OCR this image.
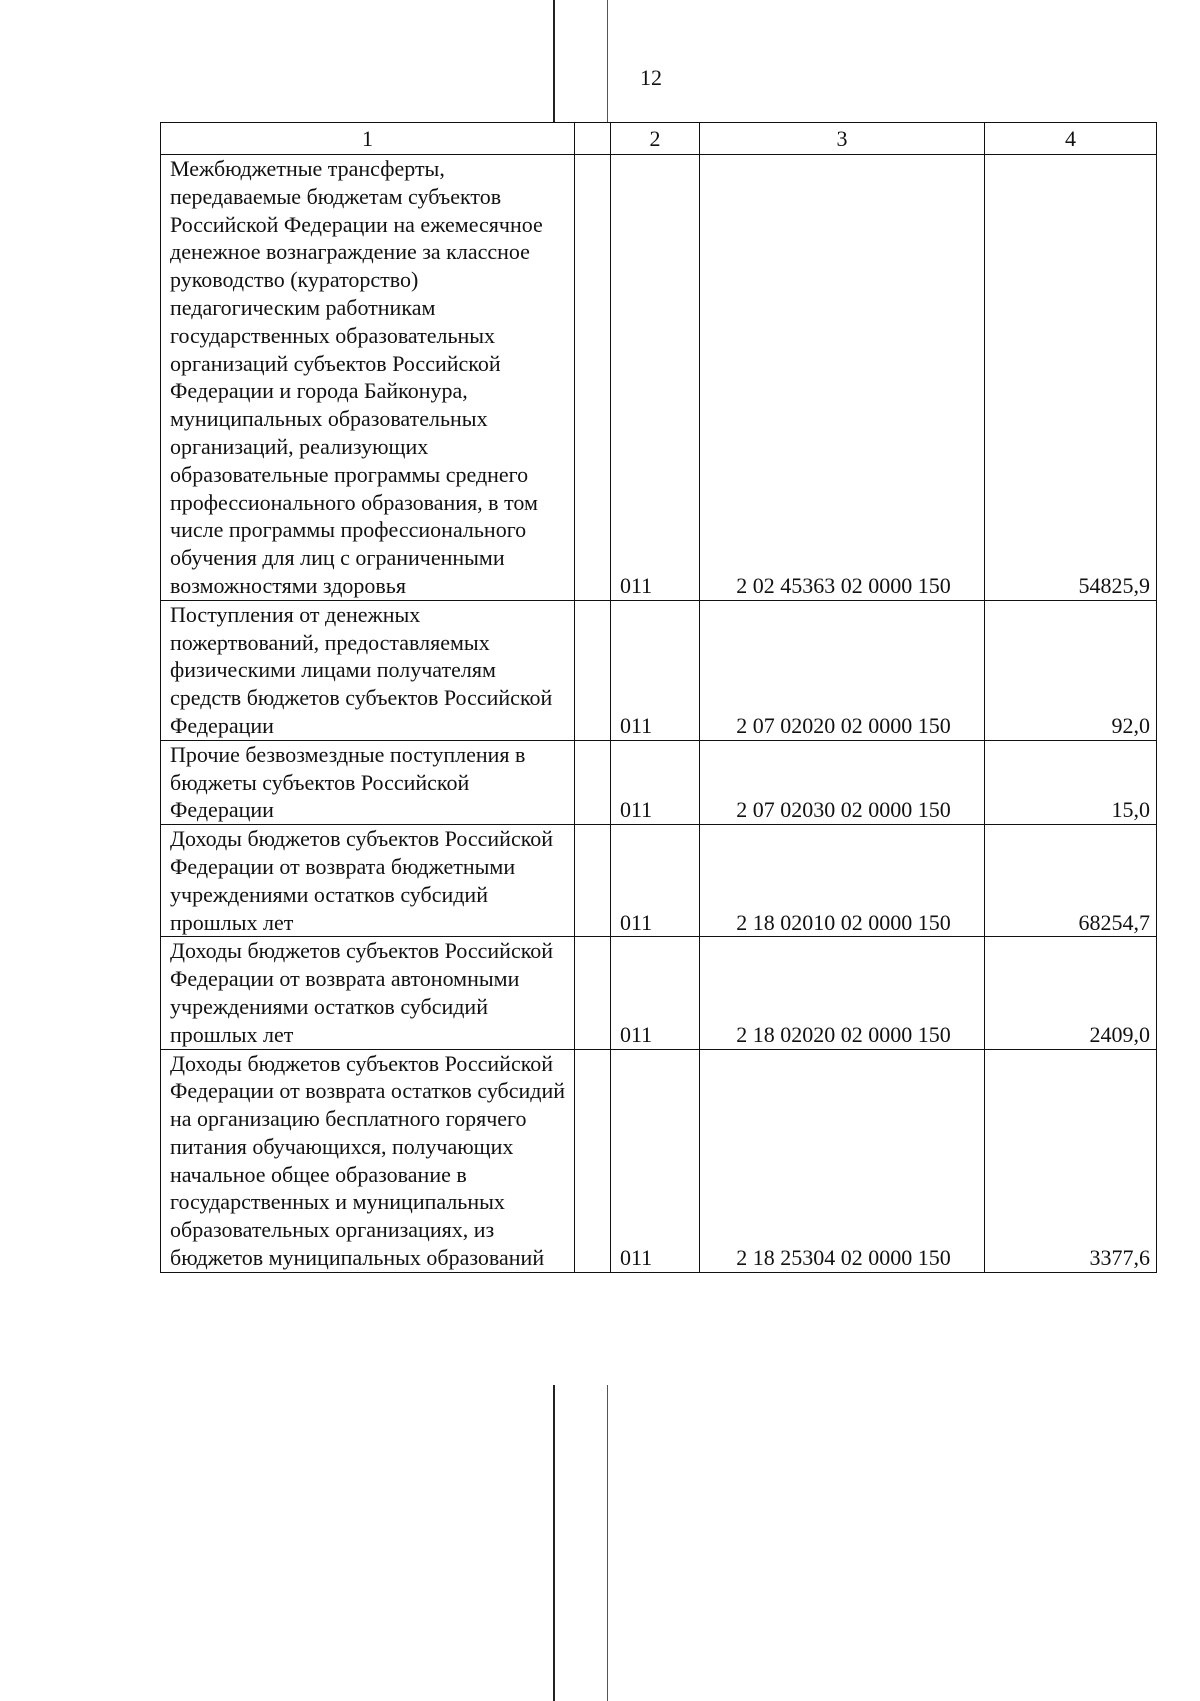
12
1		2	3	4
Межбюджетные трансферты, передаваемые бюджетам субъектов Российской Федерации на ежемесячное денежное вознаграждение за классное руководство (кураторство) педагогическим работникам государственных образовательных организаций субъектов Российской Федерации и города Байконура, муниципальных образовательных организаций, реализующих образовательные программы среднего профессионального образования, в том числе программы профессионального обучения для лиц с ограниченными возможностями здоровья		011	2 02 45363 02 0000 150	54825,9
Поступления от денежных пожертвований, предоставляемых физическими лицами получателям средств бюджетов субъектов Российской Федерации		011	2 07 02020 02 0000 150	92,0
Прочие безвозмездные поступления в бюджеты субъектов Российской Федерации		011	2 07 02030 02 0000 150	15,0
Доходы бюджетов субъектов Российской Федерации от возврата бюджетными учреждениями остатков субсидий прошлых лет		011	2 18 02010 02 0000 150	68254,7
Доходы бюджетов субъектов Российской Федерации от возврата автономными учреждениями остатков субсидий прошлых лет		011	2 18 02020 02 0000 150	2409,0
Доходы бюджетов субъектов Российской Федерации от возврата остатков субсидий на организацию бесплатного горячего питания обучающихся, получающих начальное общее образование в государственных и муниципальных образовательных организациях, из бюджетов муниципальных образований		011	2 18 25304 02 0000 150	3377,6
